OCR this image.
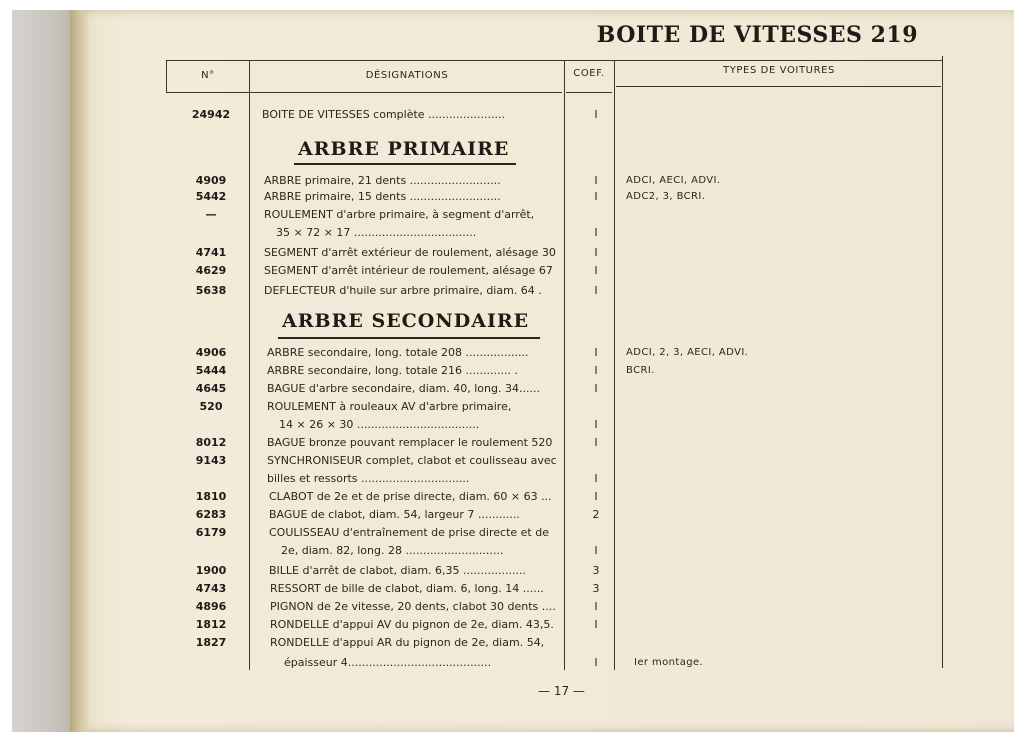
BOITE DE VITESSES 219
N°	DÉSIGNATIONS	COEF.	TYPES DE VOITURES
ARBRE PRIMAIRE
ARBRE SECONDAIRE
24942	BOITE DE VITESSES complète ......................	I
4909	ARBRE primaire, 21 dents ..........................	I	ADCI, AECI, ADVI.
5442	ARBRE primaire, 15 dents ..........................	I	ADC2, 3, BCRI.
—	ROULEMENT d'arbre primaire, à segment d'arrêt,
35 × 72 × 17 ...................................	I
4741	SEGMENT d'arrêt extérieur de roulement, alésage 30	I
4629	SEGMENT d'arrêt intérieur de roulement, alésage 67	I
5638	DEFLECTEUR d'huile sur arbre primaire, diam. 64 .	I
4906	ARBRE secondaire, long. totale 208 ..................	I	ADCI, 2, 3, AECI, ADVI.
5444	ARBRE secondaire, long. totale 216 ............. .	I	BCRI.
4645	BAGUE d'arbre secondaire, diam. 40, long. 34......	I
520	ROULEMENT à rouleaux AV d'arbre primaire,
14 × 26 × 30 ...................................	I
8012	BAGUE bronze pouvant remplacer le roulement 520	I
9143	SYNCHRONISEUR complet, clabot et coulisseau avec
billes et ressorts ...............................	I
1810	CLABOT de 2e et de prise directe, diam. 60 × 63 ...	I
6283	BAGUE de clabot, diam. 54, largeur 7 ............	2
6179	COULISSEAU d'entraînement de prise directe et de
2e, diam. 82, long. 28 ............................	I
1900	BILLE d'arrêt de clabot, diam. 6,35 ..................	3
4743	RESSORT de bille de clabot, diam. 6, long. 14 ......	3
4896	PIGNON de 2e vitesse, 20 dents, clabot 30 dents ....	I
1812	RONDELLE d'appui AV du pignon de 2e, diam. 43,5.	I
1827	RONDELLE d'appui AR du pignon de 2e, diam. 54,
épaisseur 4.........................................	I	Ier montage.
— 17 —
